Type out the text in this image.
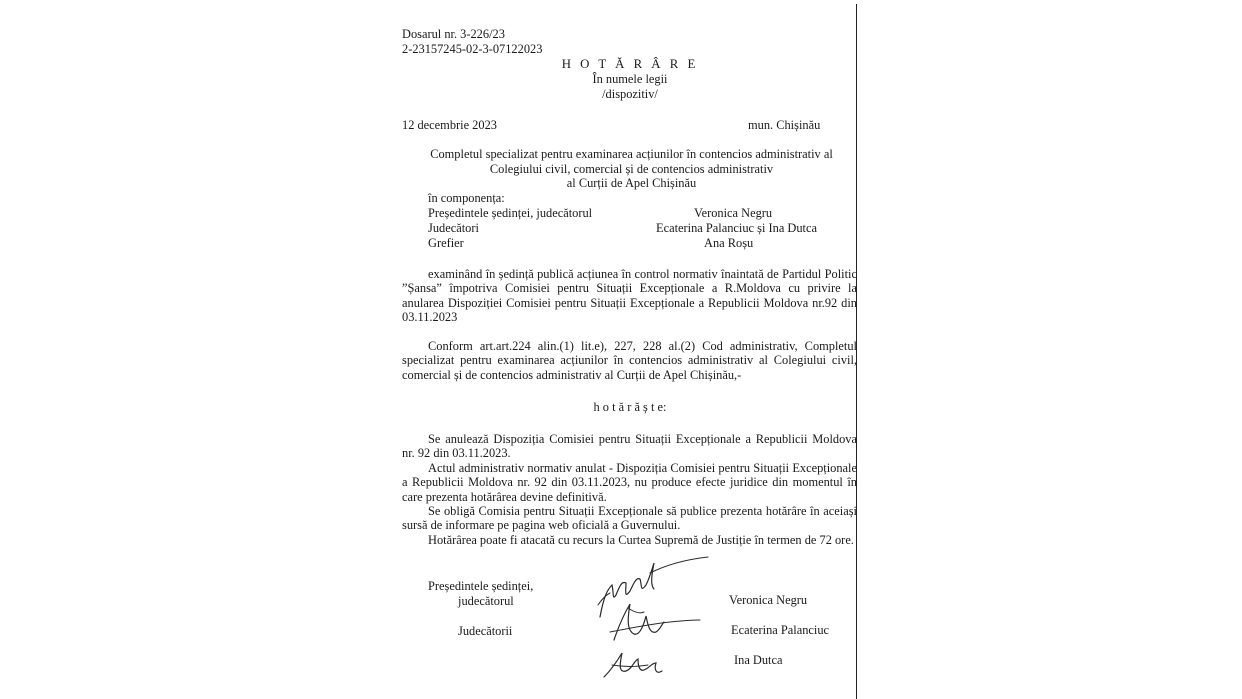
Dosarul nr. 3-226/23
2-23157245-02-3-07122023
H O T Ă R Â R E
În numele legii
/dispozitiv/
12 decembrie 2023	mun. Chișinău
Completul specializat pentru examinarea acțiunilor în contencios administrativ al
Colegiului civil, comercial și de contencios administrativ
al Curții de Apel Chișinău
în componența:
Președintele ședinței, judecătorul	Veronica Negru
Judecători	Ecaterina Palanciuc și Ina Dutca
Grefier	Ana Roșu

examinând în ședință publică acțiunea în control normativ înaintată de Partidul Politic ”Șansa” împotriva Comisiei pentru Situații Excepționale a R.Moldova cu privire la anularea Dispoziției Comisiei pentru Situații Excepționale a Republicii Moldova nr.92 din 03.11.2023

Conform art.art.224 alin.(1) lit.e), 227, 228 al.(2) Cod administrativ, Completul specializat pentru examinarea acțiunilor în contencios administrativ al Colegiului civil, comercial și de contencios administrativ al Curții de Apel Chișinău,-

h o t ă r ă ș t e:

Se anulează Dispoziția Comisiei pentru Situații Excepționale a Republicii Moldova nr. 92 din 03.11.2023.

Actul administrativ normativ anulat - Dispoziția Comisiei pentru Situații Excepționale a Republicii Moldova nr. 92 din 03.11.2023, nu produce efecte juridice din momentul în care prezenta hotărârea devine definitivă.

Se obligă Comisia pentru Situații Excepționale să publice prezenta hotărâre în aceiași sursă de informare pe pagina web oficială a Guvernului.

Hotărârea poate fi atacată cu recurs la Curtea Supremă de Justiție în termen de 72 ore.

Președintele ședinței,
judecătorul	Veronica Negru
Judecătorii	Ecaterina Palanciuc
Ina Dutca
